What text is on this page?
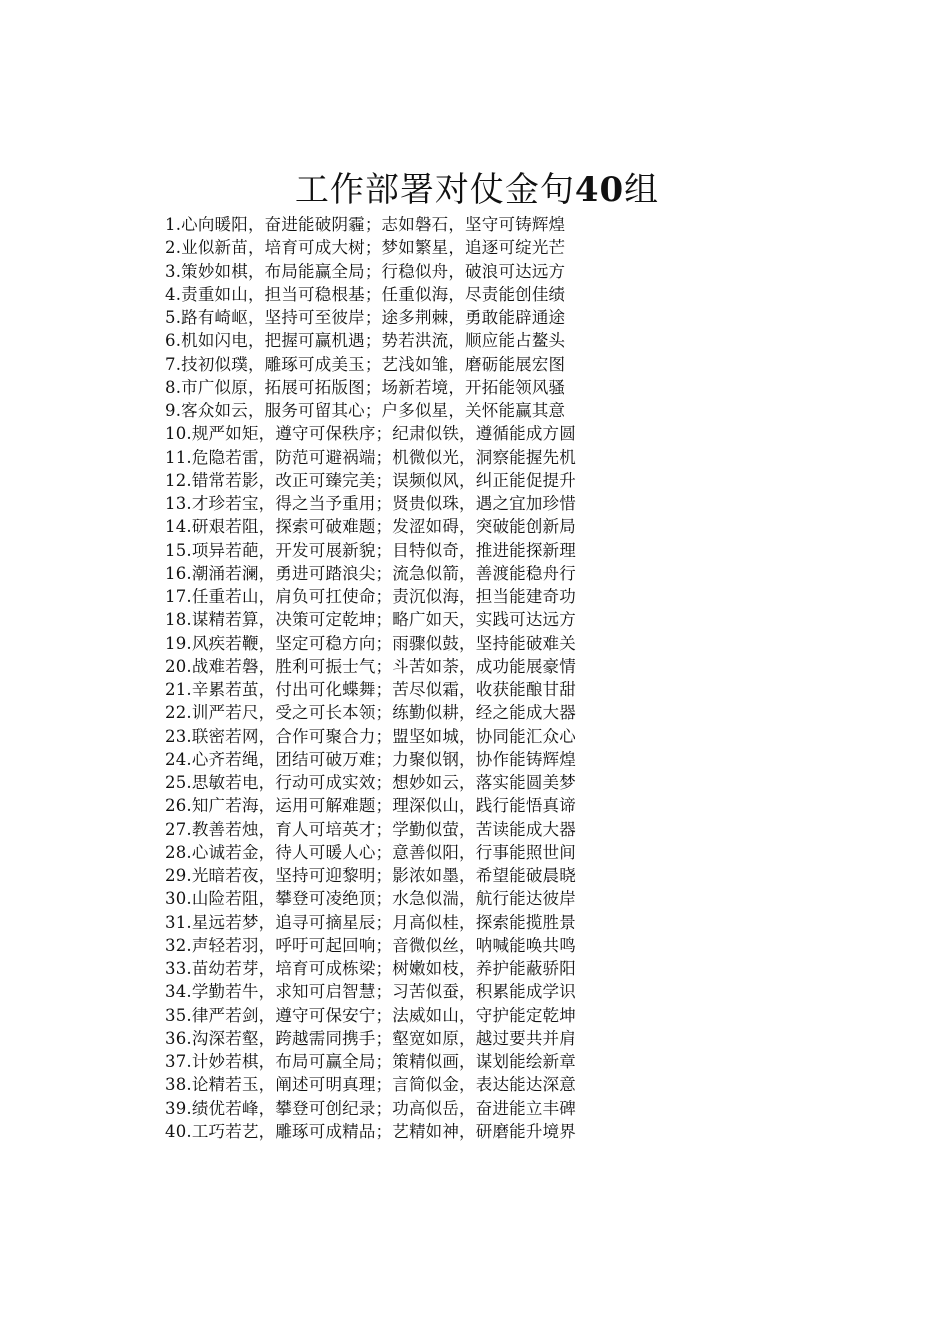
工作部署对仗金句40组
1.心向暖阳，奋进能破阴霾；志如磐石，坚守可铸辉煌
2.业似新苗，培育可成大树；梦如繁星，追逐可绽光芒
3.策妙如棋，布局能赢全局；行稳似舟，破浪可达远方
4.责重如山，担当可稳根基；任重似海，尽责能创佳绩
5.路有崎岖，坚持可至彼岸；途多荆棘，勇敢能辟通途
6.机如闪电，把握可赢机遇；势若洪流，顺应能占鳌头
7.技初似璞，雕琢可成美玉；艺浅如雏，磨砺能展宏图
8.市广似原，拓展可拓版图；场新若境，开拓能领风骚
9.客众如云，服务可留其心；户多似星，关怀能赢其意
10.规严如矩，遵守可保秩序；纪肃似铁，遵循能成方圆
11.危隐若雷，防范可避祸端；机微似光，洞察能握先机
12.错常若影，改正可臻完美；误频似风，纠正能促提升
13.才珍若宝，得之当予重用；贤贵似珠，遇之宜加珍惜
14.研艰若阻，探索可破难题；发涩如碍，突破能创新局
15.项异若葩，开发可展新貌；目特似奇，推进能探新理
16.潮涌若澜，勇进可踏浪尖；流急似箭，善渡能稳舟行
17.任重若山，肩负可扛使命；责沉似海，担当能建奇功
18.谋精若算，决策可定乾坤；略广如天，实践可达远方
19.风疾若鞭，坚定可稳方向；雨骤似鼓，坚持能破难关
20.战难若磐，胜利可振士气；斗苦如荼，成功能展豪情
21.辛累若茧，付出可化蝶舞；苦尽似霜，收获能酿甘甜
22.训严若尺，受之可长本领；练勤似耕，经之能成大器
23.联密若网，合作可聚合力；盟坚如城，协同能汇众心
24.心齐若绳，团结可破万难；力聚似钢，协作能铸辉煌
25.思敏若电，行动可成实效；想妙如云，落实能圆美梦
26.知广若海，运用可解难题；理深似山，践行能悟真谛
27.教善若烛，育人可培英才；学勤似萤，苦读能成大器
28.心诚若金，待人可暖人心；意善似阳，行事能照世间
29.光暗若夜，坚持可迎黎明；影浓如墨，希望能破晨晓
30.山险若阻，攀登可凌绝顶；水急似湍，航行能达彼岸
31.星远若梦，追寻可摘星辰；月高似桂，探索能揽胜景
32.声轻若羽，呼吁可起回响；音微似丝，呐喊能唤共鸣
33.苗幼若芽，培育可成栋梁；树嫩如枝，养护能蔽骄阳
34.学勤若牛，求知可启智慧；习苦似蚕，积累能成学识
35.律严若剑，遵守可保安宁；法威如山，守护能定乾坤
36.沟深若壑，跨越需同携手；壑宽如原，越过要共并肩
37.计妙若棋，布局可赢全局；策精似画，谋划能绘新章
38.论精若玉，阐述可明真理；言简似金，表达能达深意
39.绩优若峰，攀登可创纪录；功高似岳，奋进能立丰碑
40.工巧若艺，雕琢可成精品；艺精如神，研磨能升境界
